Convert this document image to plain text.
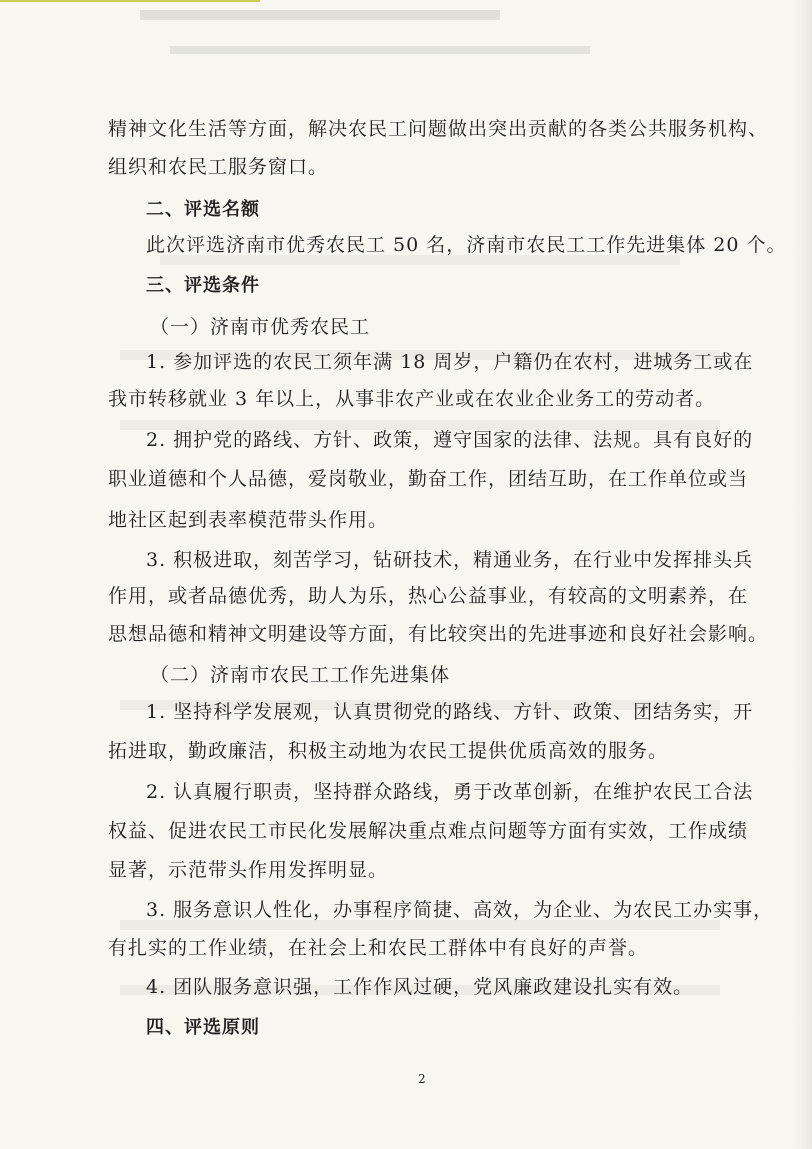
精神文化生活等方面，解决农民工问题做出突出贡献的各类公共服务机构、
组织和农民工服务窗口。
二、评选名额
此次评选济南市优秀农民工 50 名，济南市农民工工作先进集体 20 个。
三、评选条件
（一）济南市优秀农民工
1. 参加评选的农民工须年满 18 周岁，户籍仍在农村，进城务工或在
我市转移就业 3 年以上，从事非农产业或在农业企业务工的劳动者。
2. 拥护党的路线、方针、政策，遵守国家的法律、法规。具有良好的
职业道德和个人品德，爱岗敬业，勤奋工作，团结互助，在工作单位或当
地社区起到表率模范带头作用。
3. 积极进取，刻苦学习，钻研技术，精通业务，在行业中发挥排头兵
作用，或者品德优秀，助人为乐，热心公益事业，有较高的文明素养，在
思想品德和精神文明建设等方面，有比较突出的先进事迹和良好社会影响。
（二）济南市农民工工作先进集体
1. 坚持科学发展观，认真贯彻党的路线、方针、政策、团结务实，开
拓进取，勤政廉洁，积极主动地为农民工提供优质高效的服务。
2. 认真履行职责，坚持群众路线，勇于改革创新，在维护农民工合法
权益、促进农民工市民化发展解决重点难点问题等方面有实效，工作成绩
显著，示范带头作用发挥明显。
3. 服务意识人性化，办事程序简捷、高效，为企业、为农民工办实事，
有扎实的工作业绩，在社会上和农民工群体中有良好的声誉。
4. 团队服务意识强，工作作风过硬，党风廉政建设扎实有效。
四、评选原则
2
